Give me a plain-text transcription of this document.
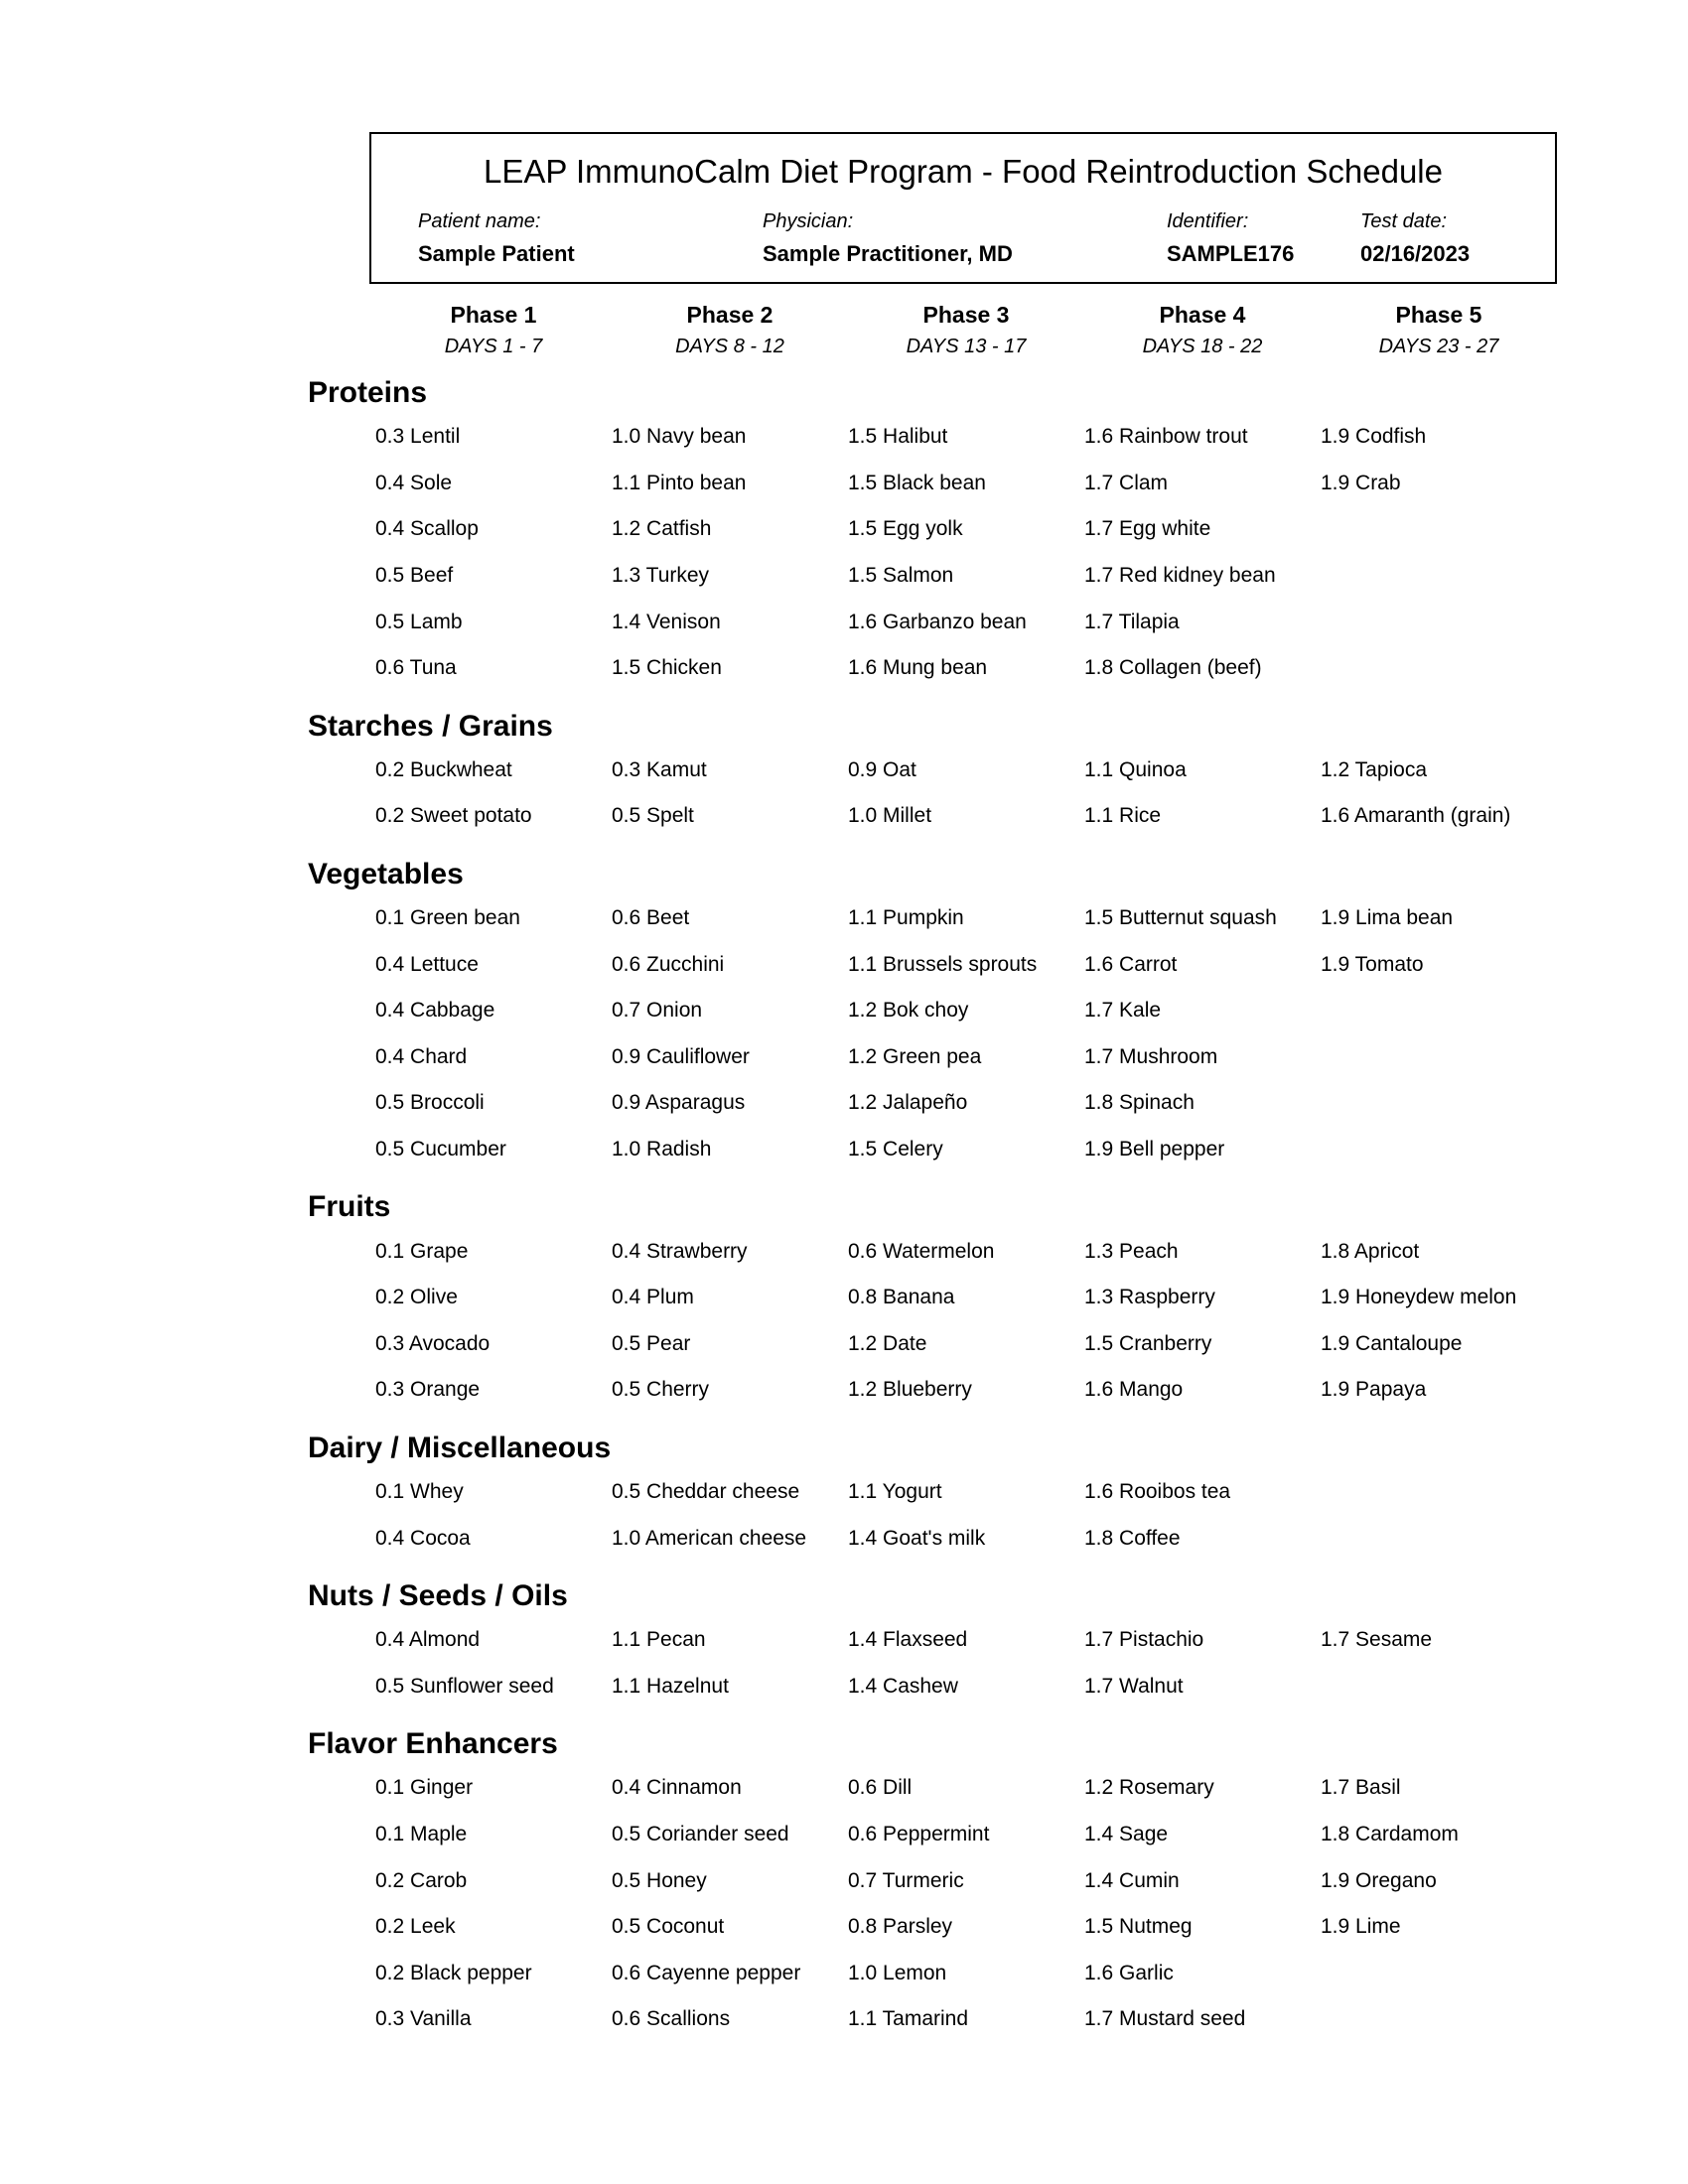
LEAP ImmunoCalm Diet Program - Food Reintroduction Schedule
Patient name:
Sample Patient
Physician:
Sample Practitioner, MD
Identifier:
SAMPLE176
Test date:
02/16/2023
Phase 1
DAYS 1 - 7
Phase 2
DAYS 8 - 12
Phase 3
DAYS 13 - 17
Phase 4
DAYS 18 - 22
Phase 5
DAYS 23 - 27
Proteins
0.3 Lentil	1.0 Navy bean	1.5 Halibut	1.6 Rainbow trout	1.9 Codfish
0.4 Sole	1.1 Pinto bean	1.5 Black bean	1.7 Clam	1.9 Crab
0.4 Scallop	1.2 Catfish	1.5 Egg yolk	1.7 Egg white
0.5 Beef	1.3 Turkey	1.5 Salmon	1.7 Red kidney bean
0.5 Lamb	1.4 Venison	1.6 Garbanzo bean	1.7 Tilapia
0.6 Tuna	1.5 Chicken	1.6 Mung bean	1.8 Collagen (beef)
Starches / Grains
0.2 Buckwheat	0.3 Kamut	0.9 Oat	1.1 Quinoa	1.2 Tapioca
0.2 Sweet potato	0.5 Spelt	1.0 Millet	1.1 Rice	1.6 Amaranth (grain)
Vegetables
0.1 Green bean	0.6 Beet	1.1 Pumpkin	1.5 Butternut squash	1.9 Lima bean
0.4 Lettuce	0.6 Zucchini	1.1 Brussels sprouts	1.6 Carrot	1.9 Tomato
0.4 Cabbage	0.7 Onion	1.2 Bok choy	1.7 Kale
0.4 Chard	0.9 Cauliflower	1.2 Green pea	1.7 Mushroom
0.5 Broccoli	0.9 Asparagus	1.2 Jalapeño	1.8 Spinach
0.5 Cucumber	1.0 Radish	1.5 Celery	1.9 Bell pepper
Fruits
0.1 Grape	0.4 Strawberry	0.6 Watermelon	1.3 Peach	1.8 Apricot
0.2 Olive	0.4 Plum	0.8 Banana	1.3 Raspberry	1.9 Honeydew melon
0.3 Avocado	0.5 Pear	1.2 Date	1.5 Cranberry	1.9 Cantaloupe
0.3 Orange	0.5 Cherry	1.2 Blueberry	1.6 Mango	1.9 Papaya
Dairy / Miscellaneous
0.1 Whey	0.5 Cheddar cheese	1.1 Yogurt	1.6 Rooibos tea
0.4 Cocoa	1.0 American cheese	1.4 Goat's milk	1.8 Coffee
Nuts / Seeds / Oils
0.4 Almond	1.1 Pecan	1.4 Flaxseed	1.7 Pistachio	1.7 Sesame
0.5 Sunflower seed	1.1 Hazelnut	1.4 Cashew	1.7 Walnut
Flavor Enhancers
0.1 Ginger	0.4 Cinnamon	0.6 Dill	1.2 Rosemary	1.7 Basil
0.1 Maple	0.5 Coriander seed	0.6 Peppermint	1.4 Sage	1.8 Cardamom
0.2 Carob	0.5 Honey	0.7 Turmeric	1.4 Cumin	1.9 Oregano
0.2 Leek	0.5 Coconut	0.8 Parsley	1.5 Nutmeg	1.9 Lime
0.2 Black pepper	0.6 Cayenne pepper	1.0 Lemon	1.6 Garlic
0.3 Vanilla	0.6 Scallions	1.1 Tamarind	1.7 Mustard seed
